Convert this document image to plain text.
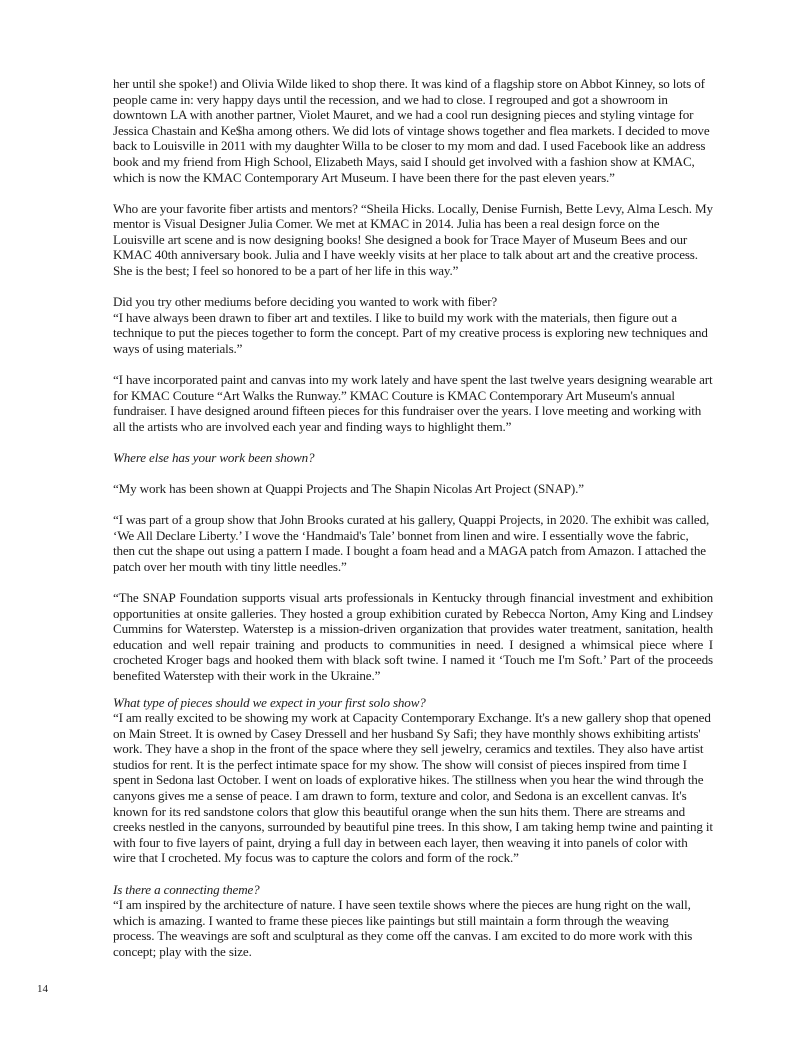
her until she spoke!) and Olivia Wilde liked to shop there. It was kind of a flagship store on Abbot Kinney, so lots of people came in: very happy days until the recession, and we had to close. I regrouped and got a showroom in downtown LA with another partner, Violet Mauret, and we had a cool run designing pieces and styling vintage for Jessica Chastain and Ke$ha among others. We did lots of vintage shows together and flea markets. I decided to move back to Louisville in 2011 with my daughter Willa to be closer to my mom and dad. I used Facebook like an address book and my friend from High School, Elizabeth Mays, said I should get involved with a fashion show at KMAC, which is now the KMAC Contemporary Art Museum. I have been there for the past eleven years.”

Who are your favorite fiber artists and mentors? “Sheila Hicks. Locally, Denise Furnish, Bette Levy, Alma Lesch. My mentor is Visual Designer Julia Comer. We met at KMAC in 2014. Julia has been a real design force on the Louisville art scene and is now designing books! She designed a book for Trace Mayer of Museum Bees and our KMAC 40th anniversary book. Julia and I have weekly visits at her place to talk about art and the creative process. She is the best; I feel so honored to be a part of her life in this way.”

Did you try other mediums before deciding you wanted to work with fiber?

“I have always been drawn to fiber art and textiles. I like to build my work with the materials, then figure out a technique to put the pieces together to form the concept. Part of my creative process is exploring new techniques and ways of using materials.”

“I have incorporated paint and canvas into my work lately and have spent the last twelve years designing wearable art for KMAC Couture “Art Walks the Runway.” KMAC Couture is KMAC Contemporary Art Museum's annual fundraiser. I have designed around fifteen pieces for this fundraiser over the years. I love meeting and working with all the artists who are involved each year and finding ways to highlight them.”

Where else has your work been shown?

“My work has been shown at Quappi Projects and The Shapin Nicolas Art Project (SNAP).”

“I was part of a group show that John Brooks curated at his gallery, Quappi Projects, in 2020. The exhibit was called, ‘We All Declare Liberty.’ I wove the ‘Handmaid's Tale’ bonnet from linen and wire. I essentially wove the fabric, then cut the shape out using a pattern I made. I bought a foam head and a MAGA patch from Amazon. I attached the patch over her mouth with tiny little needles.”

“The SNAP Foundation supports visual arts professionals in Kentucky through financial investment and exhibition opportunities at onsite galleries. They hosted a group exhibition curated by Rebecca Norton, Amy King and Lindsey Cummins for Waterstep. Waterstep is a mission-driven organization that provides water treatment, sanitation, health education and well repair training and products to communities in need. I designed a whimsical piece where I crocheted Kroger bags and hooked them with black soft twine. I named it ‘Touch me I'm Soft.’ Part of the proceeds benefited Waterstep with their work in the Ukraine.”

What type of pieces should we expect in your first solo show?

“I am really excited to be showing my work at Capacity Contemporary Exchange. It's a new gallery shop that opened on Main Street. It is owned by Casey Dressell and her husband Sy Safi; they have monthly shows exhibiting artists' work. They have a shop in the front of the space where they sell jewelry, ceramics and textiles. They also have artist studios for rent. It is the perfect intimate space for my show. The show will consist of pieces inspired from time I spent in Sedona last October. I went on loads of explorative hikes. The stillness when you hear the wind through the canyons gives me a sense of peace. I am drawn to form, texture and color, and Sedona is an excellent canvas. It's known for its red sandstone colors that glow this beautiful orange when the sun hits them. There are streams and creeks nestled in the canyons, surrounded by beautiful pine trees. In this show, I am taking hemp twine and painting it with four to five layers of paint, drying a full day in between each layer, then weaving it into panels of color with wire that I crocheted. My focus was to capture the colors and form of the rock.”

Is there a connecting theme?

“I am inspired by the architecture of nature. I have seen textile shows where the pieces are hung right on the wall, which is amazing. I wanted to frame these pieces like paintings but still maintain a form through the weaving process. The weavings are soft and sculptural as they come off the canvas. I am excited to do more work with this concept; play with the size.

14
